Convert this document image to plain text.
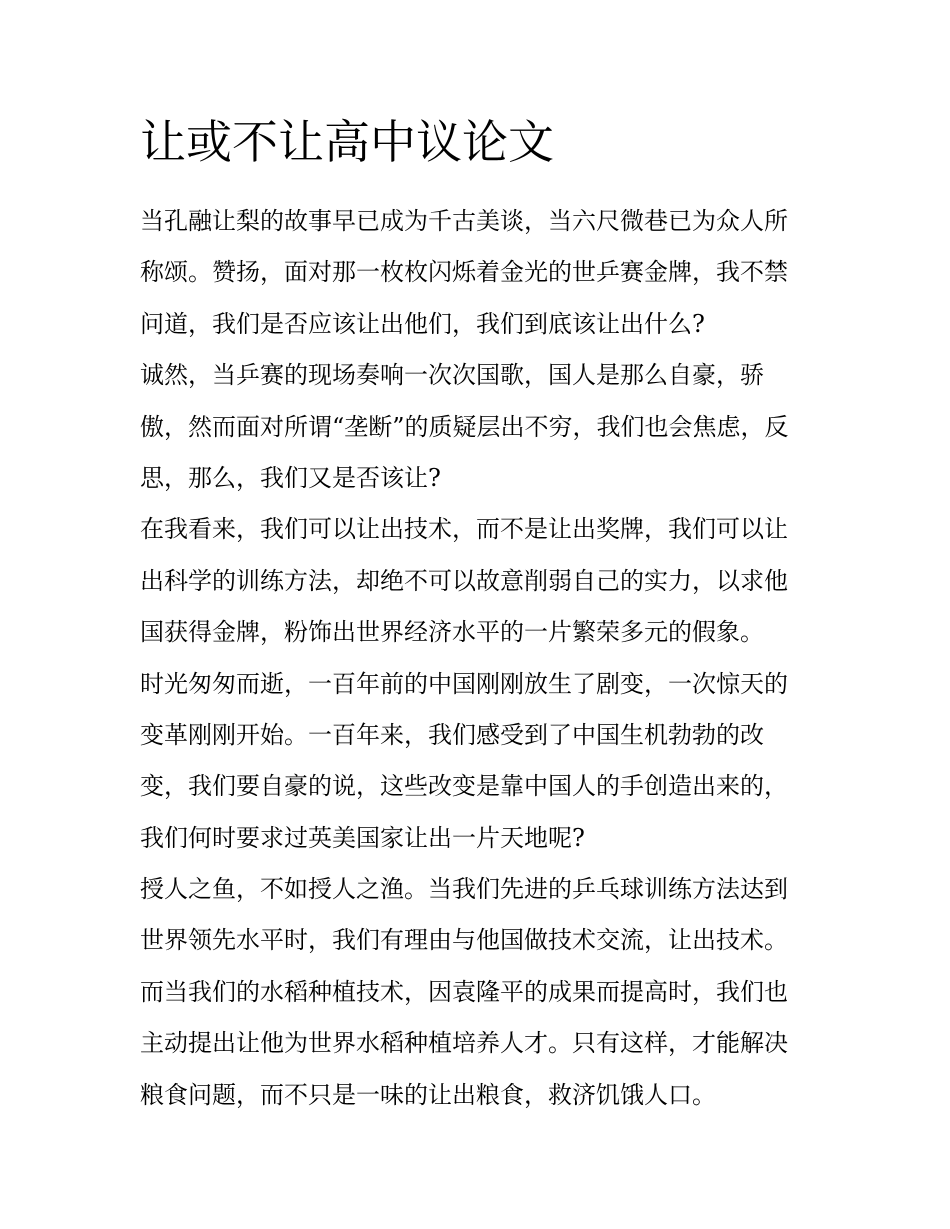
让或不让高中议论文

当孔融让梨的故事早已成为千古美谈，当六尺微巷已为众人所
称颂。赞扬，面对那一枚枚闪烁着金光的世乒赛金牌，我不禁
问道，我们是否应该让出他们，我们到底该让出什么?

诚然，当乒赛的现场奏响一次次国歌，国人是那么自豪，骄
傲，然而面对所谓“垄断”的质疑层出不穷，我们也会焦虑，反
思，那么，我们又是否该让?

在我看来，我们可以让出技术，而不是让出奖牌，我们可以让
出科学的训练方法，却绝不可以故意削弱自己的实力，以求他
国获得金牌，粉饰出世界经济水平的一片繁荣多元的假象。

时光匆匆而逝，一百年前的中国刚刚放生了剧变，一次惊天的
变革刚刚开始。一百年来，我们感受到了中国生机勃勃的改
变，我们要自豪的说，这些改变是靠中国人的手创造出来的，
我们何时要求过英美国家让出一片天地呢?

授人之鱼，不如授人之渔。当我们先进的乒乓球训练方法达到
世界领先水平时，我们有理由与他国做技术交流，让出技术。
而当我们的水稻种植技术，因袁隆平的成果而提高时，我们也
主动提出让他为世界水稻种植培养人才。只有这样，才能解决
粮食问题，而不只是一味的让出粮食，救济饥饿人口。
